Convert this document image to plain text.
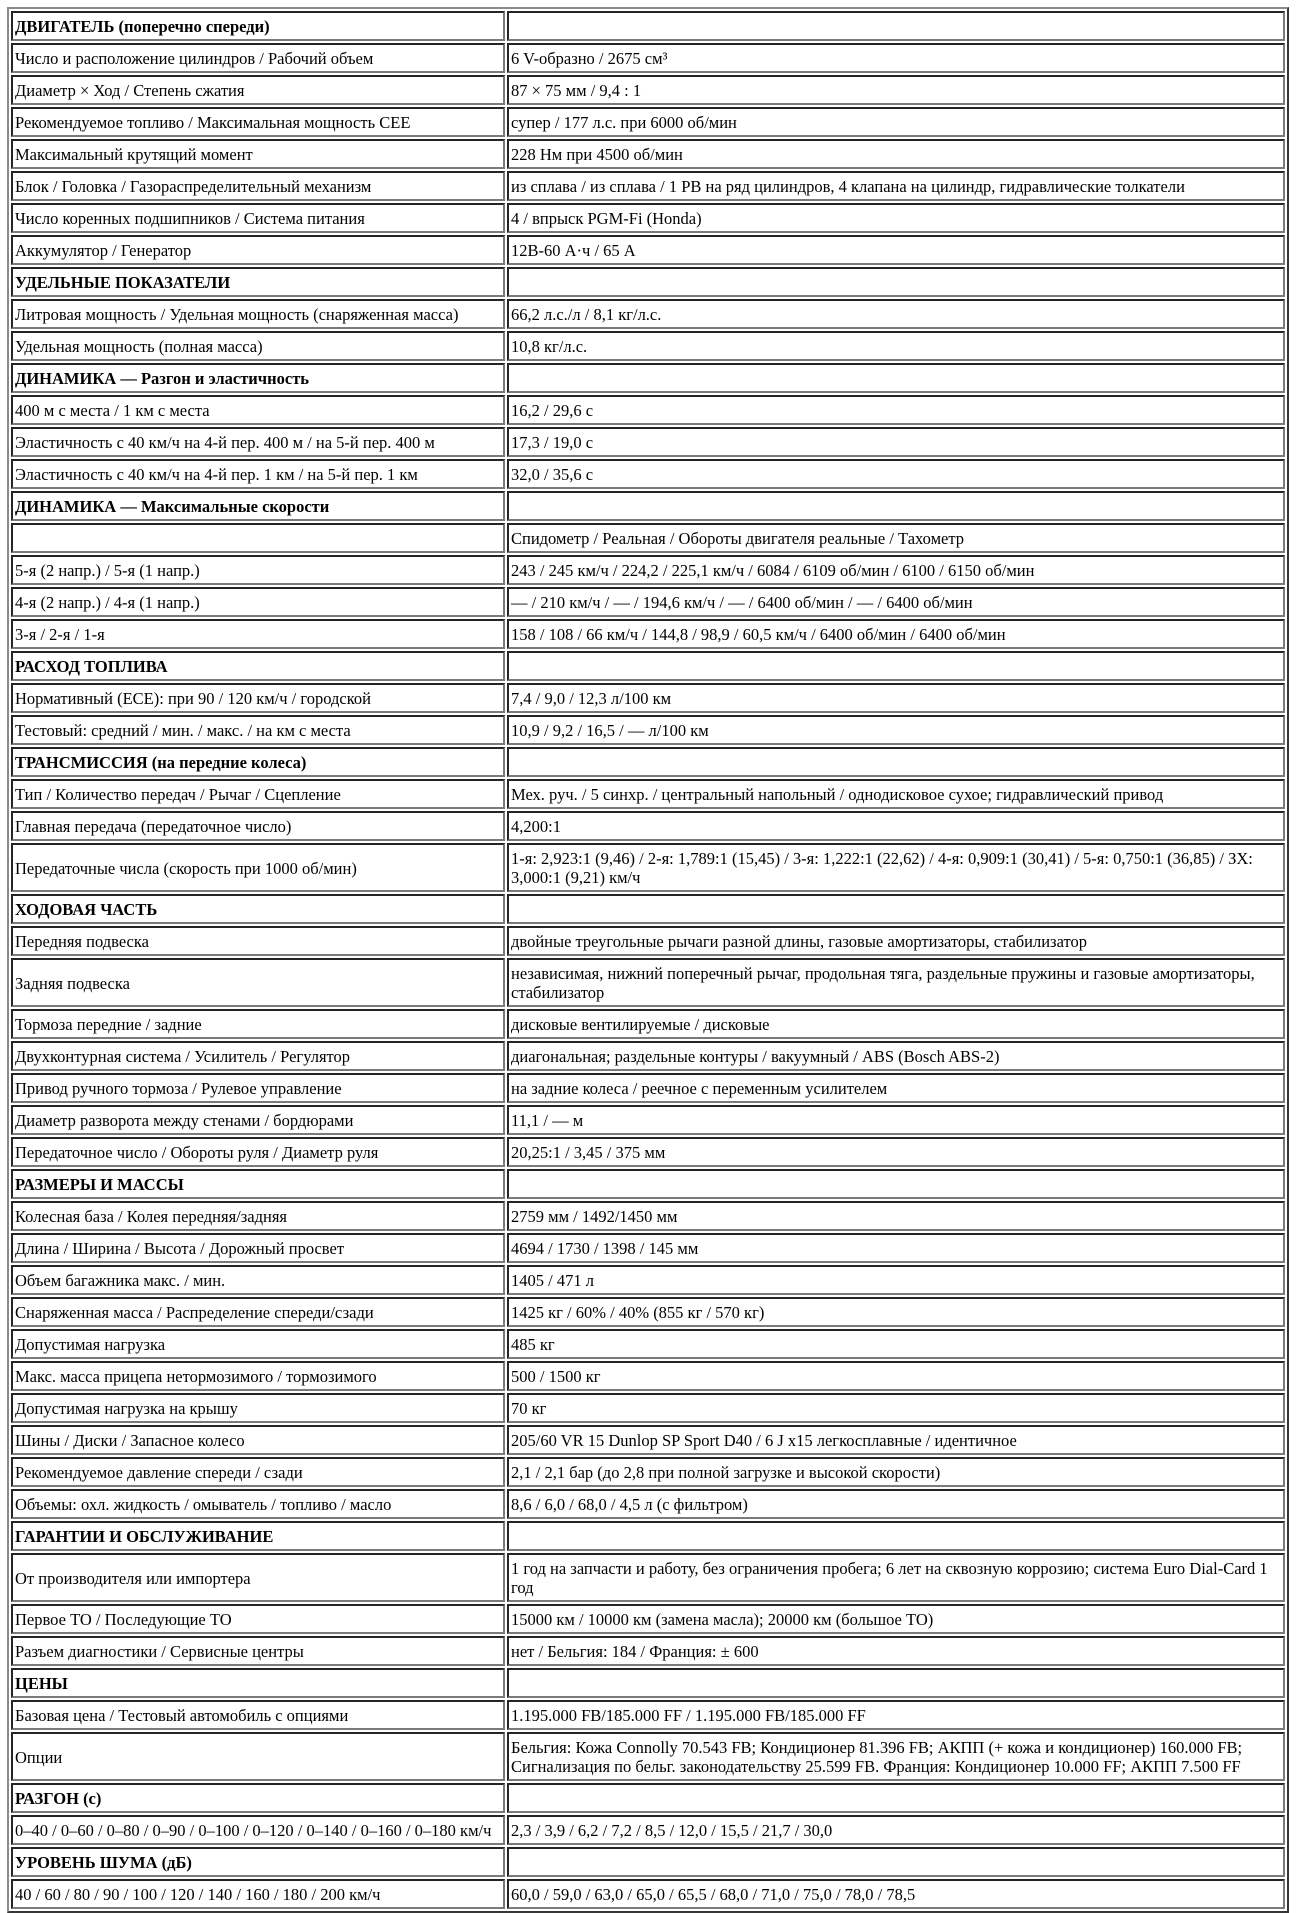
ДВИГАТЕЛЬ (поперечно спереди)	
Число и расположение цилиндров / Рабочий объем	6 V-образно / 2675 см³
Диаметр × Ход / Степень сжатия	87 × 75 мм / 9,4 : 1
Рекомендуемое топливо / Максимальная мощность CEE	супер / 177 л.с. при 6000 об/мин
Максимальный крутящий момент	228 Нм при 4500 об/мин
Блок / Головка / Газораспределительный механизм	из сплава / из сплава / 1 РВ на ряд цилиндров, 4 клапана на цилиндр, гидравлические толкатели
Число коренных подшипников / Система питания	4 / впрыск PGM-Fi (Honda)
Аккумулятор / Генератор	12В-60 А·ч / 65 А
УДЕЛЬНЫЕ ПОКАЗАТЕЛИ	
Литровая мощность / Удельная мощность (снаряженная масса)	66,2 л.с./л / 8,1 кг/л.с.
Удельная мощность (полная масса)	10,8 кг/л.с.
ДИНАМИКА — Разгон и эластичность	
400 м с места / 1 км с места	16,2 / 29,6 с
Эластичность с 40 км/ч на 4-й пер. 400 м / на 5-й пер. 400 м	17,3 / 19,0 с
Эластичность с 40 км/ч на 4-й пер. 1 км / на 5-й пер. 1 км	32,0 / 35,6 с
ДИНАМИКА — Максимальные скорости	
	Спидометр / Реальная / Обороты двигателя реальные / Тахометр
5-я (2 напр.) / 5-я (1 напр.)	243 / 245 км/ч / 224,2 / 225,1 км/ч / 6084 / 6109 об/мин / 6100 / 6150 об/мин
4-я (2 напр.) / 4-я (1 напр.)	— / 210 км/ч / — / 194,6 км/ч / — / 6400 об/мин / — / 6400 об/мин
3-я / 2-я / 1-я	158 / 108 / 66 км/ч / 144,8 / 98,9 / 60,5 км/ч / 6400 об/мин / 6400 об/мин
РАСХОД ТОПЛИВА	
Нормативный (ECE): при 90 / 120 км/ч / городской	7,4 / 9,0 / 12,3 л/100 км
Тестовый: средний / мин. / макс. / на км с места	10,9 / 9,2 / 16,5 / — л/100 км
ТРАНСМИССИЯ (на передние колеса)	
Тип / Количество передач / Рычаг / Сцепление	Мех. руч. / 5 синхр. / центральный напольный / однодисковое сухое; гидравлический привод
Главная передача (передаточное число)	4,200:1
Передаточные числа (скорость при 1000 об/мин)	1-я: 2,923:1 (9,46) / 2-я: 1,789:1 (15,45) / 3-я: 1,222:1 (22,62) / 4-я: 0,909:1 (30,41) / 5-я: 0,750:1 (36,85) / ЗХ: 3,000:1 (9,21) км/ч
ХОДОВАЯ ЧАСТЬ	
Передняя подвеска	двойные треугольные рычаги разной длины, газовые амортизаторы, стабилизатор
Задняя подвеска	независимая, нижний поперечный рычаг, продольная тяга, раздельные пружины и газовые амортизаторы, стабилизатор
Тормоза передние / задние	дисковые вентилируемые / дисковые
Двухконтурная система / Усилитель / Регулятор	диагональная; раздельные контуры / вакуумный / ABS (Bosch ABS-2)
Привод ручного тормоза / Рулевое управление	на задние колеса / реечное с переменным усилителем
Диаметр разворота между стенами / бордюрами	11,1 / — м
Передаточное число / Обороты руля / Диаметр руля	20,25:1 / 3,45 / 375 мм
РАЗМЕРЫ И МАССЫ	
Колесная база / Колея передняя/задняя	2759 мм / 1492/1450 мм
Длина / Ширина / Высота / Дорожный просвет	4694 / 1730 / 1398 / 145 мм
Объем багажника макс. / мин.	1405 / 471 л
Снаряженная масса / Распределение спереди/сзади	1425 кг / 60% / 40% (855 кг / 570 кг)
Допустимая нагрузка	485 кг
Макс. масса прицепа нетормозимого / тормозимого	500 / 1500 кг
Допустимая нагрузка на крышу	70 кг
Шины / Диски / Запасное колесо	205/60 VR 15 Dunlop SP Sport D40 / 6 J x15 легкосплавные / идентичное
Рекомендуемое давление спереди / сзади	2,1 / 2,1 бар (до 2,8 при полной загрузке и высокой скорости)
Объемы: охл. жидкость / омыватель / топливо / масло	8,6 / 6,0 / 68,0 / 4,5 л (с фильтром)
ГАРАНТИИ И ОБСЛУЖИВАНИЕ	
От производителя или импортера	1 год на запчасти и работу, без ограничения пробега; 6 лет на сквозную коррозию; система Euro Dial-Card 1 год
Первое ТО / Последующие ТО	15000 км / 10000 км (замена масла); 20000 км (большое ТО)
Разъем диагностики / Сервисные центры	нет / Бельгия: 184 / Франция: ± 600
ЦЕНЫ	
Базовая цена / Тестовый автомобиль с опциями	1.195.000 FB/185.000 FF / 1.195.000 FB/185.000 FF
Опции	Бельгия: Кожа Connolly 70.543 FB; Кондиционер 81.396 FB; АКПП (+ кожа и кондиционер) 160.000 FB; Сигнализация по бельг. законодательству 25.599 FB. Франция: Кондиционер 10.000 FF; АКПП 7.500 FF
РАЗГОН (с)	
0–40 / 0–60 / 0–80 / 0–90 / 0–100 / 0–120 / 0–140 / 0–160 / 0–180 км/ч	2,3 / 3,9 / 6,2 / 7,2 / 8,5 / 12,0 / 15,5 / 21,7 / 30,0
УРОВЕНЬ ШУМА (дБ)	
40 / 60 / 80 / 90 / 100 / 120 / 140 / 160 / 180 / 200 км/ч	60,0 / 59,0 / 63,0 / 65,0 / 65,5 / 68,0 / 71,0 / 75,0 / 78,0 / 78,5
